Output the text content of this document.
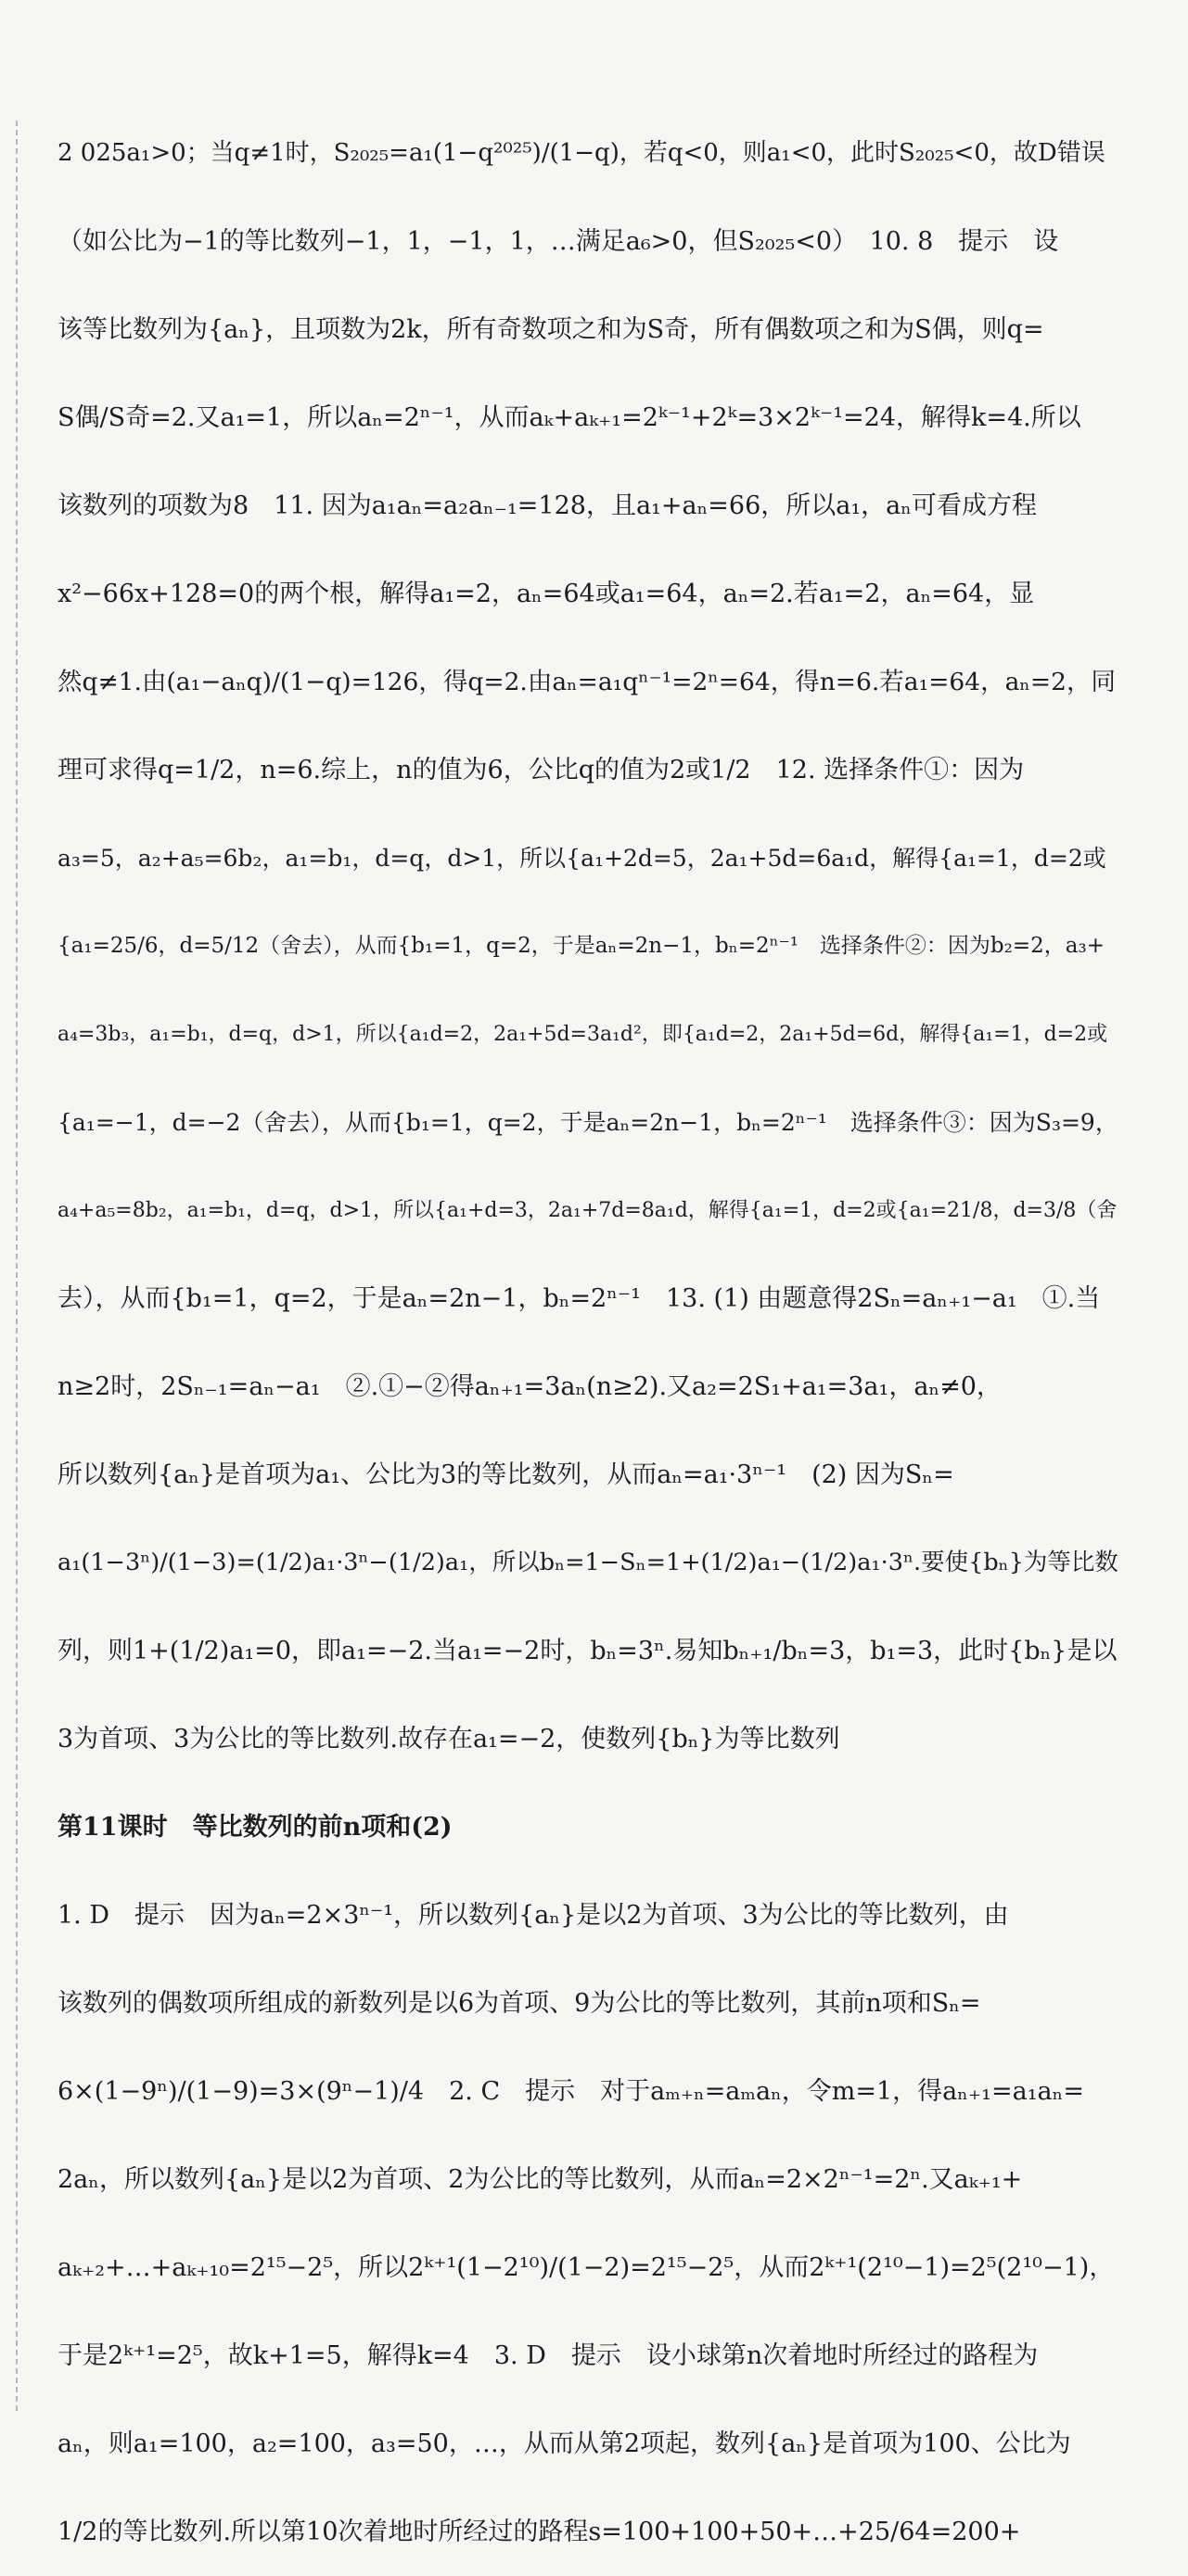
2 025a₁>0；当q≠1时，S₂₀₂₅=a₁(1−q²⁰²⁵)/(1−q)，若q<0，则a₁<0，此时S₂₀₂₅<0，故D错误
（如公比为−1的等比数列−1，1，−1，1，…满足a₆>0，但S₂₀₂₅<0）　10. 8　提示　设
该等比数列为{aₙ}，且项数为2k，所有奇数项之和为S奇，所有偶数项之和为S偶，则q=
S偶/S奇=2.又a₁=1，所以aₙ=2ⁿ⁻¹，从而aₖ+aₖ₊₁=2ᵏ⁻¹+2ᵏ=3×2ᵏ⁻¹=24，解得k=4.所以
该数列的项数为8　11. 因为a₁aₙ=a₂aₙ₋₁=128，且a₁+aₙ=66，所以a₁，aₙ可看成方程
x²−66x+128=0的两个根，解得a₁=2，aₙ=64或a₁=64，aₙ=2.若a₁=2，aₙ=64，显
然q≠1.由(a₁−aₙq)/(1−q)=126，得q=2.由aₙ=a₁qⁿ⁻¹=2ⁿ=64，得n=6.若a₁=64，aₙ=2，同
理可求得q=1/2，n=6.综上，n的值为6，公比q的值为2或1/2　12. 选择条件①：因为
a₃=5，a₂+a₅=6b₂，a₁=b₁，d=q，d>1，所以{a₁+2d=5，2a₁+5d=6a₁d，解得{a₁=1，d=2或
{a₁=25/6，d=5/12（舍去），从而{b₁=1，q=2，于是aₙ=2n−1，bₙ=2ⁿ⁻¹　选择条件②：因为b₂=2，a₃+
a₄=3b₃，a₁=b₁，d=q，d>1，所以{a₁d=2，2a₁+5d=3a₁d²，即{a₁d=2，2a₁+5d=6d，解得{a₁=1，d=2或
{a₁=−1，d=−2（舍去），从而{b₁=1，q=2，于是aₙ=2n−1，bₙ=2ⁿ⁻¹　选择条件③：因为S₃=9，
a₄+a₅=8b₂，a₁=b₁，d=q，d>1，所以{a₁+d=3，2a₁+7d=8a₁d，解得{a₁=1，d=2或{a₁=21/8，d=3/8（舍
去），从而{b₁=1，q=2，于是aₙ=2n−1，bₙ=2ⁿ⁻¹　13. (1) 由题意得2Sₙ=aₙ₊₁−a₁　①.当
n≥2时，2Sₙ₋₁=aₙ−a₁　②.①−②得aₙ₊₁=3aₙ(n≥2).又a₂=2S₁+a₁=3a₁，aₙ≠0，
所以数列{aₙ}是首项为a₁、公比为3的等比数列，从而aₙ=a₁·3ⁿ⁻¹　(2) 因为Sₙ=
a₁(1−3ⁿ)/(1−3)=(1/2)a₁·3ⁿ−(1/2)a₁，所以bₙ=1−Sₙ=1+(1/2)a₁−(1/2)a₁·3ⁿ.要使{bₙ}为等比数
列，则1+(1/2)a₁=0，即a₁=−2.当a₁=−2时，bₙ=3ⁿ.易知bₙ₊₁/bₙ=3，b₁=3，此时{bₙ}是以
3为首项、3为公比的等比数列.故存在a₁=−2，使数列{bₙ}为等比数列
第11课时　等比数列的前n项和(2)
1. D　提示　因为aₙ=2×3ⁿ⁻¹，所以数列{aₙ}是以2为首项、3为公比的等比数列，由
该数列的偶数项所组成的新数列是以6为首项、9为公比的等比数列，其前n项和Sₙ=
6×(1−9ⁿ)/(1−9)=3×(9ⁿ−1)/4　2. C　提示　对于aₘ₊ₙ=aₘaₙ，令m=1，得aₙ₊₁=a₁aₙ=
2aₙ，所以数列{aₙ}是以2为首项、2为公比的等比数列，从而aₙ=2×2ⁿ⁻¹=2ⁿ.又aₖ₊₁+
aₖ₊₂+…+aₖ₊₁₀=2¹⁵−2⁵，所以2ᵏ⁺¹(1−2¹⁰)/(1−2)=2¹⁵−2⁵，从而2ᵏ⁺¹(2¹⁰−1)=2⁵(2¹⁰−1)，
于是2ᵏ⁺¹=2⁵，故k+1=5，解得k=4　3. D　提示　设小球第n次着地时所经过的路程为
aₙ，则a₁=100，a₂=100，a₃=50，…，从而从第2项起，数列{aₙ}是首项为100、公比为
1/2的等比数列.所以第10次着地时所经过的路程s=100+100+50+…+25/64=200+
